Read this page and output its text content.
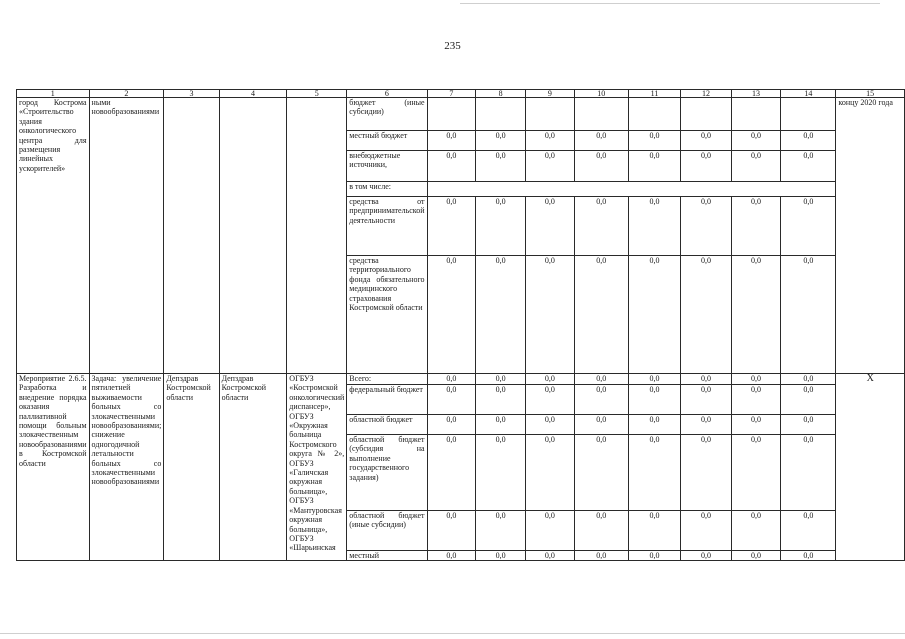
235
1	2	3	4	5	6	7	8	9	10	11	12	13	14	15
город Кострома «Строительство здания онкологического центра для размещения линейных ускорителей»	ными новообразованиями				бюджет (иные субсидии)									концу 2020 года
					местный бюджет	0,0	0,0	0,0	0,0	0,0	0,0	0,0	0,0	
					внебюджетные источники,	0,0	0,0	0,0	0,0	0,0	0,0	0,0	0,0	
					в том числе:									
					средства от предпринимательской деятельности	0,0	0,0	0,0	0,0	0,0	0,0	0,0	0,0	
					средства территориального фонда обязательного медицинского страхования Костромской области	0,0	0,0	0,0	0,0	0,0	0,0	0,0	0,0	
Мероприятие 2.6.5. Разработка и внедрение порядка оказания паллиативной помощи больным злокачественным новообразованиями в Костромской области	Задача: увеличение пятилетней выживаемости больных со злокачественными новообразованиями; снижение одногодичной летальности больных со злокачественными новообразованиями	Депздрав Костромской области	Депздрав Костромской области	ОГБУЗ «Костромской онкологический диспансер», ОГБУЗ «Окружная больница Костромского округа № 2», ОГБУЗ «Галичская окружная больница», ОГБУЗ «Мантуровская окружная больница», ОГБУЗ «Шарьинская	Всего:	0,0	0,0	0,0	0,0	0,0	0,0	0,0	0,0	Х

					федеральный бюджет	0,0	0,0	0,0	0,0	0,0	0,0	0,0	0,0	
					областной бюджет	0,0	0,0	0,0	0,0	0,0	0,0	0,0	0,0	
					областной бюджет (субсидия на выполнение государственного задания)	0,0	0,0	0,0	0,0	0,0	0,0	0,0	0,0	
					областной бюджет (иные субсидии)	0,0	0,0	0,0	0,0	0,0	0,0	0,0	0,0	
					местный	0,0	0,0	0,0	0,0	0,0	0,0	0,0	0,0	
